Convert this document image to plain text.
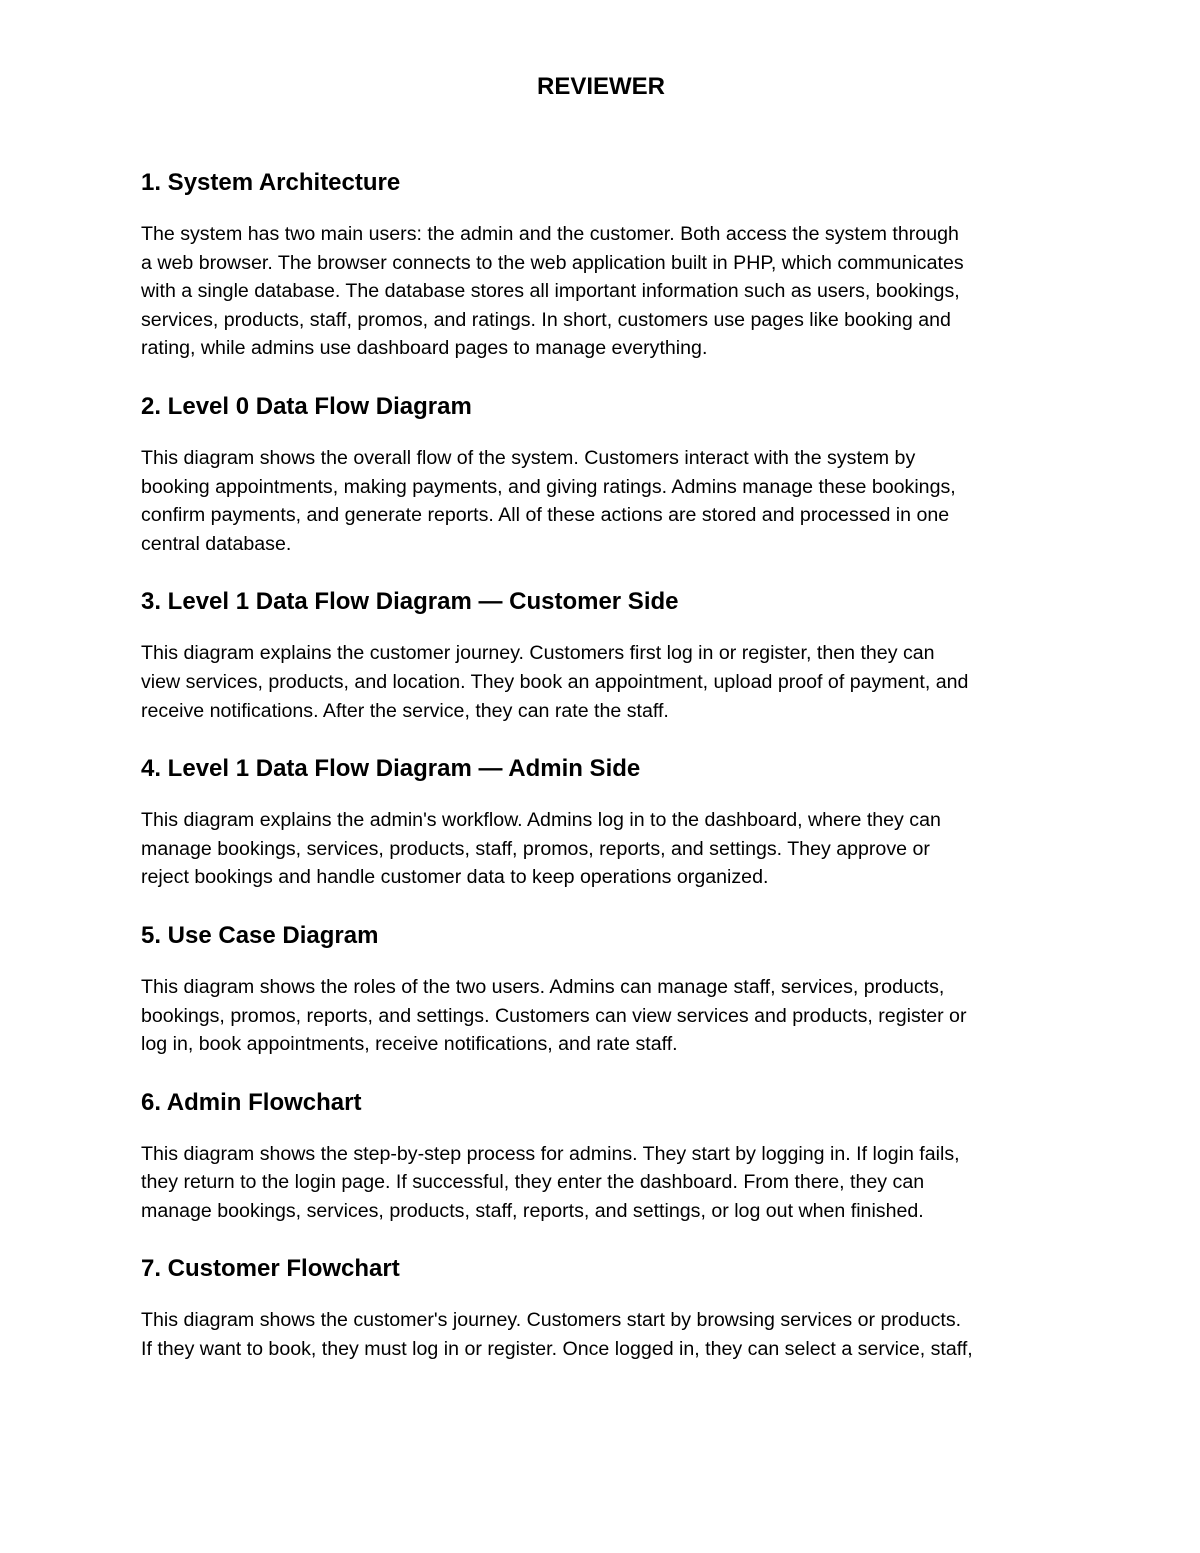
REVIEWER
1. System Architecture
The system has two main users: the admin and the customer. Both access the system through
a web browser. The browser connects to the web application built in PHP, which communicates
with a single database. The database stores all important information such as users, bookings,
services, products, staff, promos, and ratings. In short, customers use pages like booking and
rating, while admins use dashboard pages to manage everything.
2. Level 0 Data Flow Diagram
This diagram shows the overall flow of the system. Customers interact with the system by
booking appointments, making payments, and giving ratings. Admins manage these bookings,
confirm payments, and generate reports. All of these actions are stored and processed in one
central database.
3. Level 1 Data Flow Diagram — Customer Side
This diagram explains the customer journey. Customers first log in or register, then they can
view services, products, and location. They book an appointment, upload proof of payment, and
receive notifications. After the service, they can rate the staff.
4. Level 1 Data Flow Diagram — Admin Side
This diagram explains the admin's workflow. Admins log in to the dashboard, where they can
manage bookings, services, products, staff, promos, reports, and settings. They approve or
reject bookings and handle customer data to keep operations organized.
5. Use Case Diagram
This diagram shows the roles of the two users. Admins can manage staff, services, products,
bookings, promos, reports, and settings. Customers can view services and products, register or
log in, book appointments, receive notifications, and rate staff.
6. Admin Flowchart
This diagram shows the step-by-step process for admins. They start by logging in. If login fails,
they return to the login page. If successful, they enter the dashboard. From there, they can
manage bookings, services, products, staff, reports, and settings, or log out when finished.
7. Customer Flowchart
This diagram shows the customer's journey. Customers start by browsing services or products.
If they want to book, they must log in or register. Once logged in, they can select a service, staff,
